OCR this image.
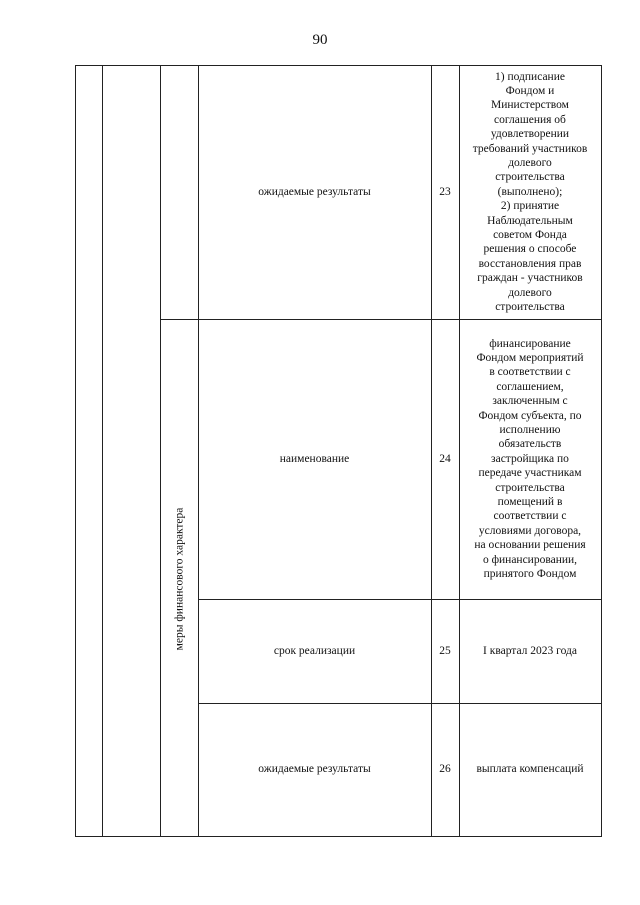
90
меры финансового характера
ожидаемые результаты	23
1) подписание
Фондом и
Министерством
соглашения об
удовлетворении
требований участников
долевого
строительства
(выполнено);
2) принятие
Наблюдательным
советом Фонда
решения о способе
восстановления прав
граждан - участников
долевого
строительства
наименование	24
финансирование
Фондом мероприятий
в соответствии с
соглашением,
заключенным с
Фондом субъекта, по
исполнению
обязательств
застройщика по
передаче участникам
строительства
помещений в
соответствии с
условиями договора,
на основании решения
о финансировании,
принятого Фондом
срок реализации	25	I квартал 2023 года
ожидаемые результаты	26 выплата компенсаций
